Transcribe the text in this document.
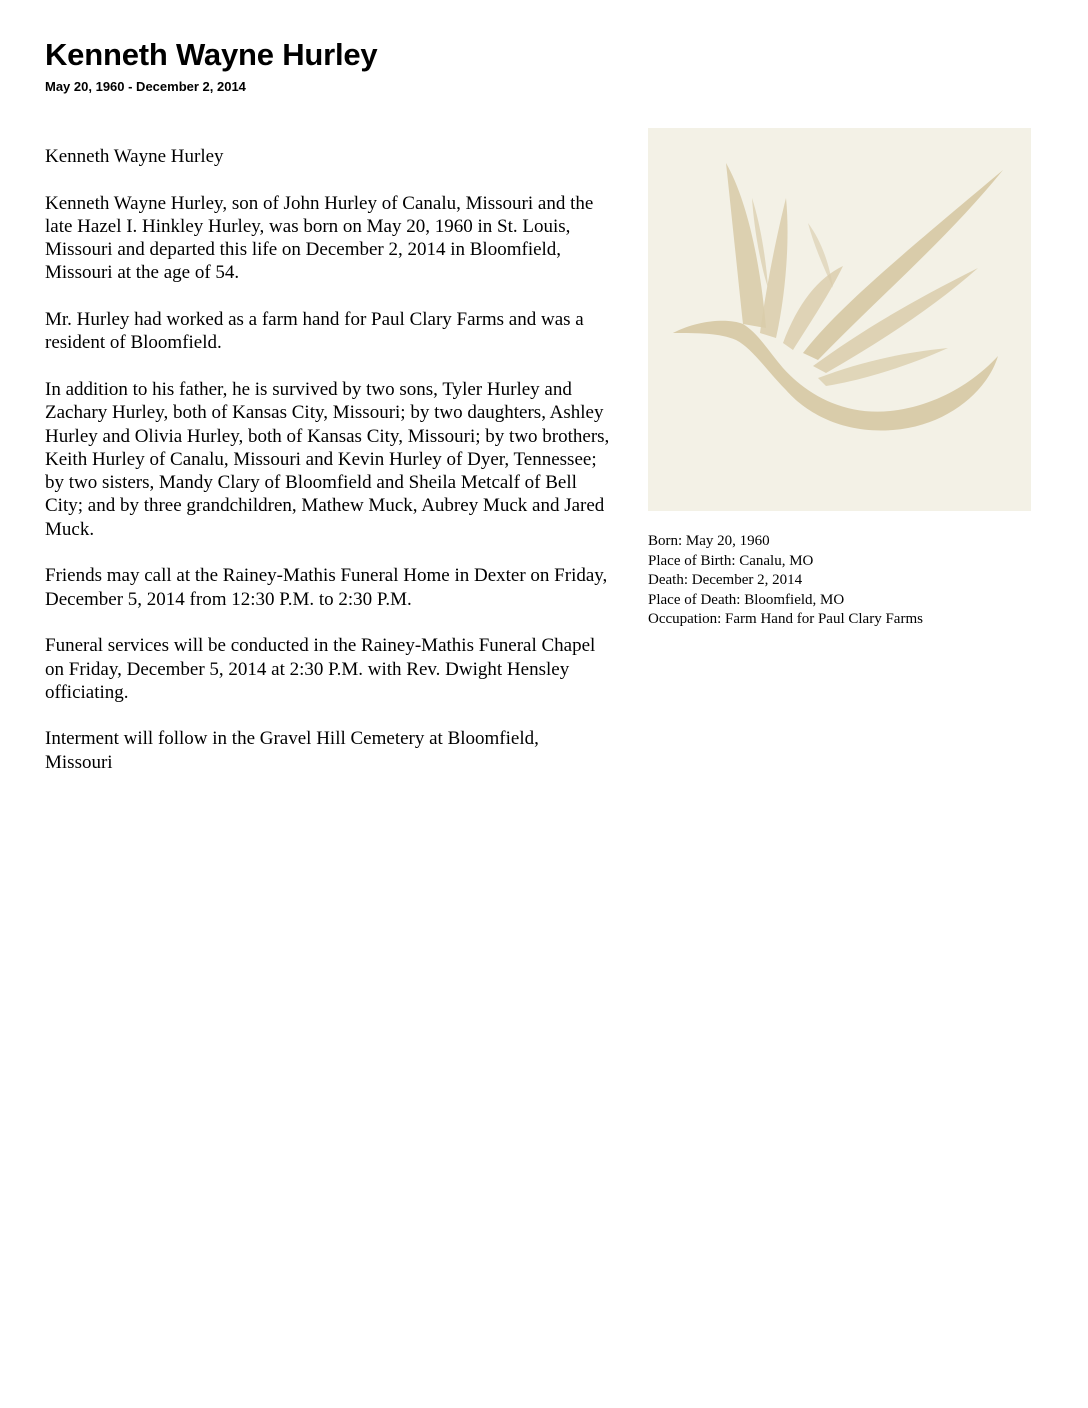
Kenneth Wayne Hurley
May 20, 1960 - December 2, 2014

Kenneth Wayne Hurley

Kenneth Wayne Hurley, son of John Hurley of Canalu, Missouri and the late Hazel I. Hinkley Hurley, was born on May 20, 1960 in St. Louis, Missouri and departed this life on December 2, 2014 in Bloomfield, Missouri at the age of 54.

Mr. Hurley had worked as a farm hand for Paul Clary Farms and was a resident of Bloomfield.

In addition to his father, he is survived by two sons, Tyler Hurley and Zachary Hurley, both of Kansas City, Missouri; by two daughters, Ashley Hurley and Olivia Hurley, both of Kansas City, Missouri; by two brothers, Keith Hurley of Canalu, Missouri and Kevin Hurley of Dyer, Tennessee; by two sisters, Mandy Clary of Bloomfield and Sheila Metcalf of Bell City; and by three grandchildren, Mathew Muck, Aubrey Muck and Jared Muck.

Friends may call at the Rainey-Mathis Funeral Home in Dexter on Friday, December 5, 2014 from 12:30 P.M. to 2:30 P.M.

Funeral services will be conducted in the Rainey-Mathis Funeral Chapel on Friday, December 5, 2014 at 2:30 P.M. with Rev. Dwight Hensley officiating.

Interment will follow in the Gravel Hill Cemetery at Bloomfield, Missouri

Born: May 20, 1960
Place of Birth: Canalu, MO
Death: December 2, 2014
Place of Death: Bloomfield, MO
Occupation: Farm Hand for Paul Clary Farms
